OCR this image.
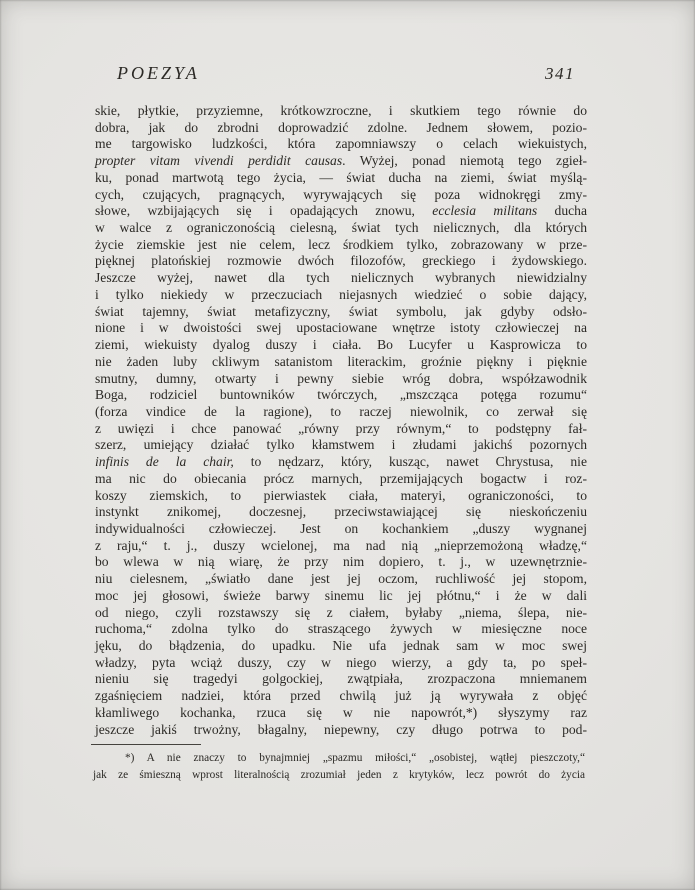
POEZYA	341
skie, płytkie, przyziemne, krótkowzroczne, i skutkiem tego równie do
dobra, jak do zbrodni doprowadzić zdolne. Jednem słowem, pozio-
me targowisko ludzkości, która zapomniawszy o celach wiekuistych,
propter vitam vivendi perdidit causas. Wyżej, ponad niemotą tego zgieł-
ku, ponad martwotą tego życia, — świat ducha na ziemi, świat myślą-
cych, czujących, pragnących, wyrywających się poza widnokręgi zmy-
słowe, wzbijających się i opadających znowu, ecclesia militans ducha
w walce z ograniczonością cielesną, świat tych nielicznych, dla których
życie ziemskie jest nie celem, lecz środkiem tylko, zobrazowany w prze-
pięknej platońskiej rozmowie dwóch filozofów, greckiego i żydowskiego.
Jeszcze wyżej, nawet dla tych nielicznych wybranych niewidzialny
i tylko niekiedy w przeczuciach niejasnych wiedzieć o sobie dający,
świat tajemny, świat metafizyczny, świat symbolu, jak gdyby odsło-
nione i w dwoistości swej upostaciowane wnętrze istoty człowieczej na
ziemi, wiekuisty dyalog duszy i ciała. Bo Lucyfer u Kasprowicza to
nie żaden luby ckliwym satanistom literackim, groźnie piękny i pięknie
smutny, dumny, otwarty i pewny siebie wróg dobra, współzawodnik
Boga, rodziciel buntowników twórczych, „mszcząca potęga rozumu“
(forza vindice de la ragione), to raczej niewolnik, co zerwał się
z uwięzi i chce panować „równy przy równym,“ to podstępny fał-
szerz, umiejący działać tylko kłamstwem i złudami jakichś pozornych
infinis de la chair, to nędzarz, który, kusząc, nawet Chrystusa, nie
ma nic do obiecania prócz marnych, przemijających bogactw i roz-
koszy ziemskich, to pierwiastek ciała, materyi, ograniczoności, to
instynkt znikomej, doczesnej, przeciwstawiającej się nieskończeniu
indywidualności człowieczej. Jest on kochankiem „duszy wygnanej
z raju,“ t. j., duszy wcielonej, ma nad nią „nieprzemożoną władzę,“
bo wlewa w nią wiarę, że przy nim dopiero, t. j., w uzewnętrznie-
niu cielesnem, „światło dane jest jej oczom, ruchliwość jej stopom,
moc jej głosowi, świeże barwy sinemu lic jej płótnu,“ i że w dali
od niego, czyli rozstawszy się z ciałem, byłaby „niema, ślepa, nie-
ruchoma,“ zdolna tylko do straszącego żywych w miesięczne noce
jęku, do błądzenia, do upadku. Nie ufa jednak sam w moc swej
władzy, pyta wciąż duszy, czy w niego wierzy, a gdy ta, po speł-
nieniu się tragedyi golgockiej, zwątpiała, zrozpaczona mniemanem
zgaśnięciem nadziei, która przed chwilą już ją wyrywała z objęć
kłamliwego kochanka, rzuca się w nie napowrót,*) słyszymy raz
jeszcze jakiś trwożny, błagalny, niepewny, czy długo potrwa to pod-
*) A nie znaczy to bynajmniej „spazmu miłości,“ „osobistej, wątłej pieszczoty,“
jak ze śmieszną wprost literalnością zrozumiał jeden z krytyków, lecz powrót do życia
